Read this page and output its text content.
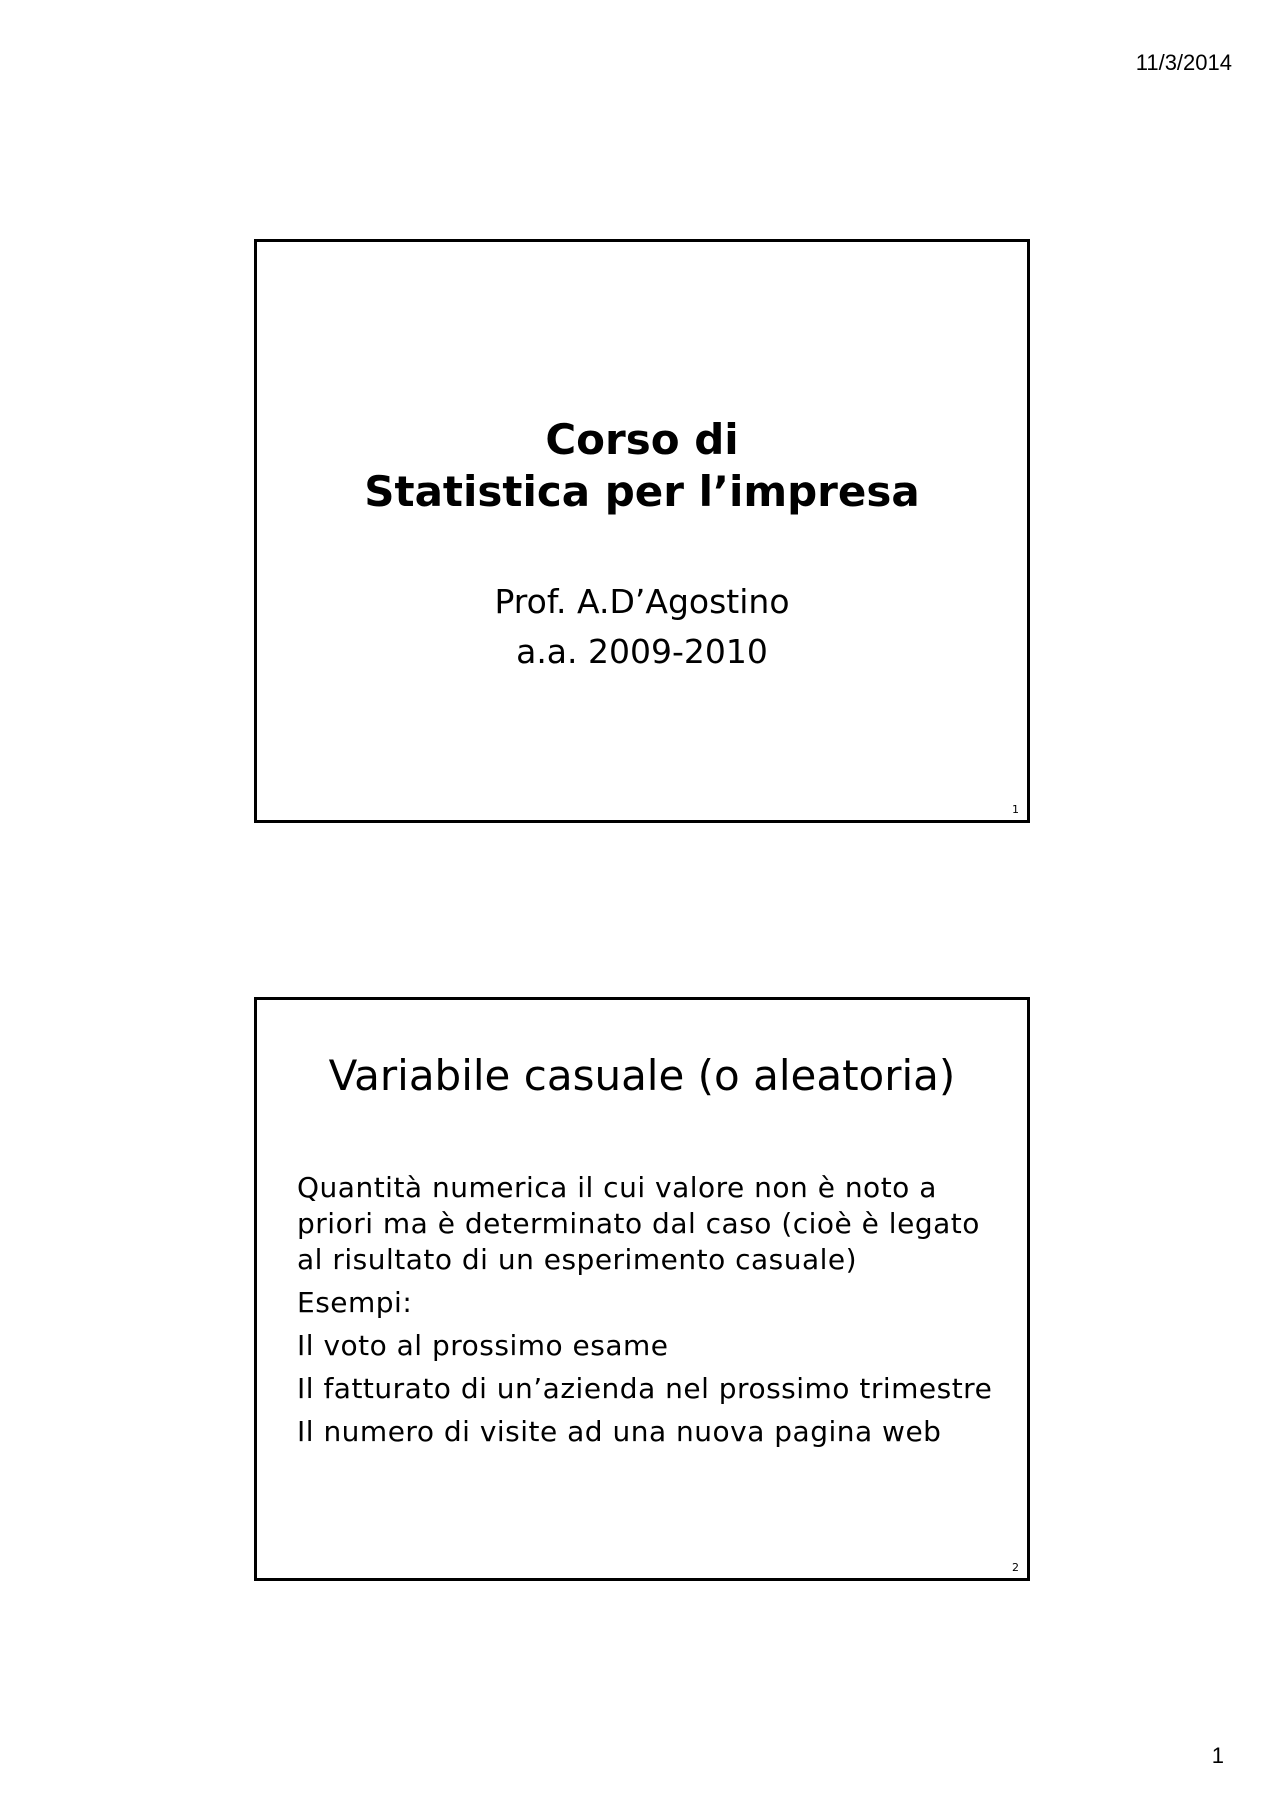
11/3/2014
Corso di
Statistica per l’impresa
Prof. A.D’Agostino
a.a. 2009-2010
1
Variabile casuale (o aleatoria)
Quantità numerica il cui valore non è noto a priori ma è determinato dal caso (cioè è legato al risultato di un esperimento casuale)
Esempi:
Il voto al prossimo esame
Il fatturato di un’azienda nel prossimo trimestre
Il numero di visite ad una nuova pagina web
2
1
